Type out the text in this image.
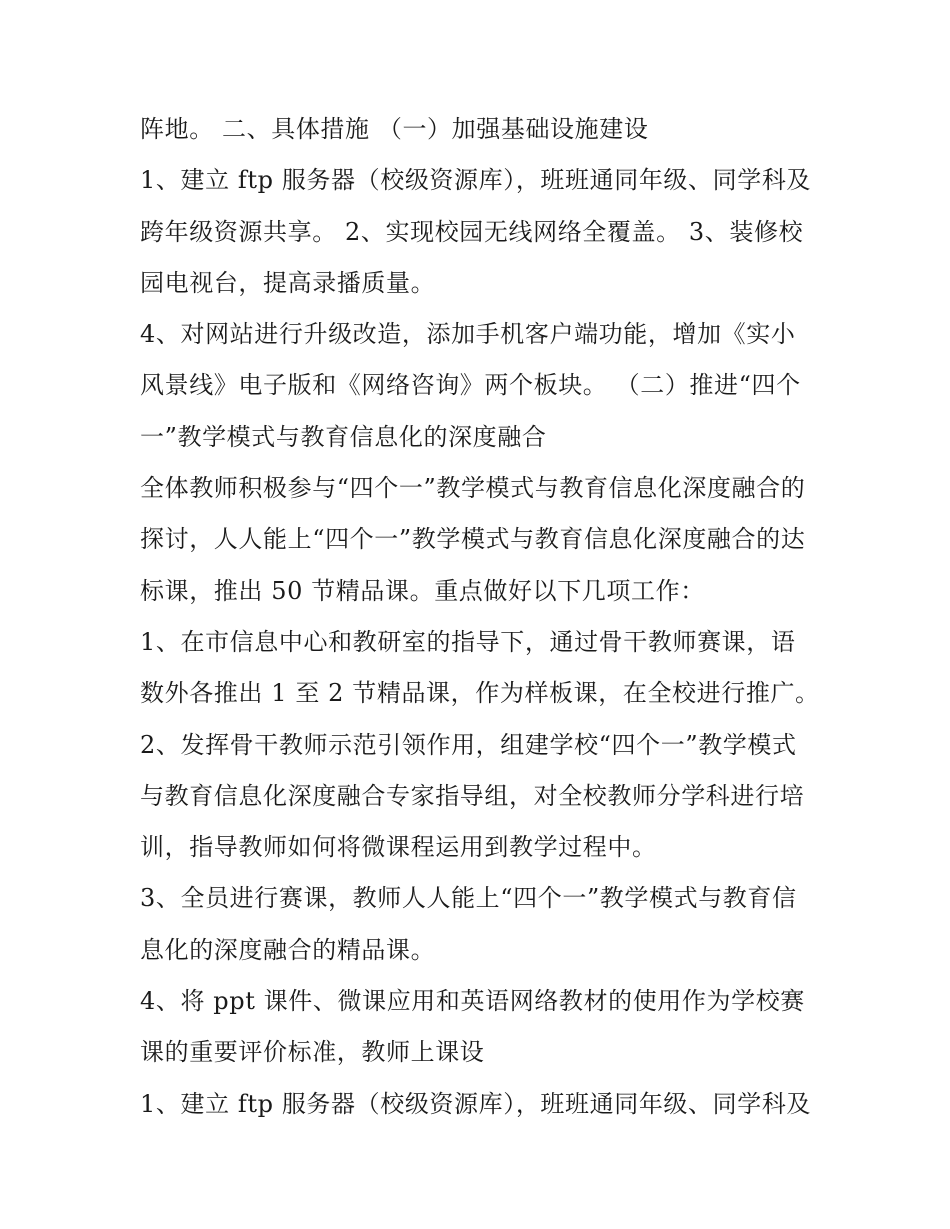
阵地。 二、具体措施 （一）加强基础设施建设

1、建立 ftp 服务器（校级资源库），班班通同年级、同学科及
跨年级资源共享。 2、实现校园无线网络全覆盖。 3、装修校
园电视台，提高录播质量。

4、对网站进行升级改造，添加手机客户端功能，增加《实小
风景线》电子版和《网络咨询》两个板块。 （二）推进“四个
一”教学模式与教育信息化的深度融合

全体教师积极参与“四个一”教学模式与教育信息化深度融合的
探讨，人人能上“四个一”教学模式与教育信息化深度融合的达
标课，推出 50 节精品课。重点做好以下几项工作：

1、在市信息中心和教研室的指导下，通过骨干教师赛课，语
数外各推出 1 至 2 节精品课，作为样板课，在全校进行推广。

2、发挥骨干教师示范引领作用，组建学校“四个一”教学模式
与教育信息化深度融合专家指导组，对全校教师分学科进行培
训，指导教师如何将微课程运用到教学过程中。

3、全员进行赛课，教师人人能上“四个一”教学模式与教育信
息化的深度融合的精品课。

4、将 ppt 课件、微课应用和英语网络教材的使用作为学校赛
课的重要评价标准，教师上课设

1、建立 ftp 服务器（校级资源库），班班通同年级、同学科及
